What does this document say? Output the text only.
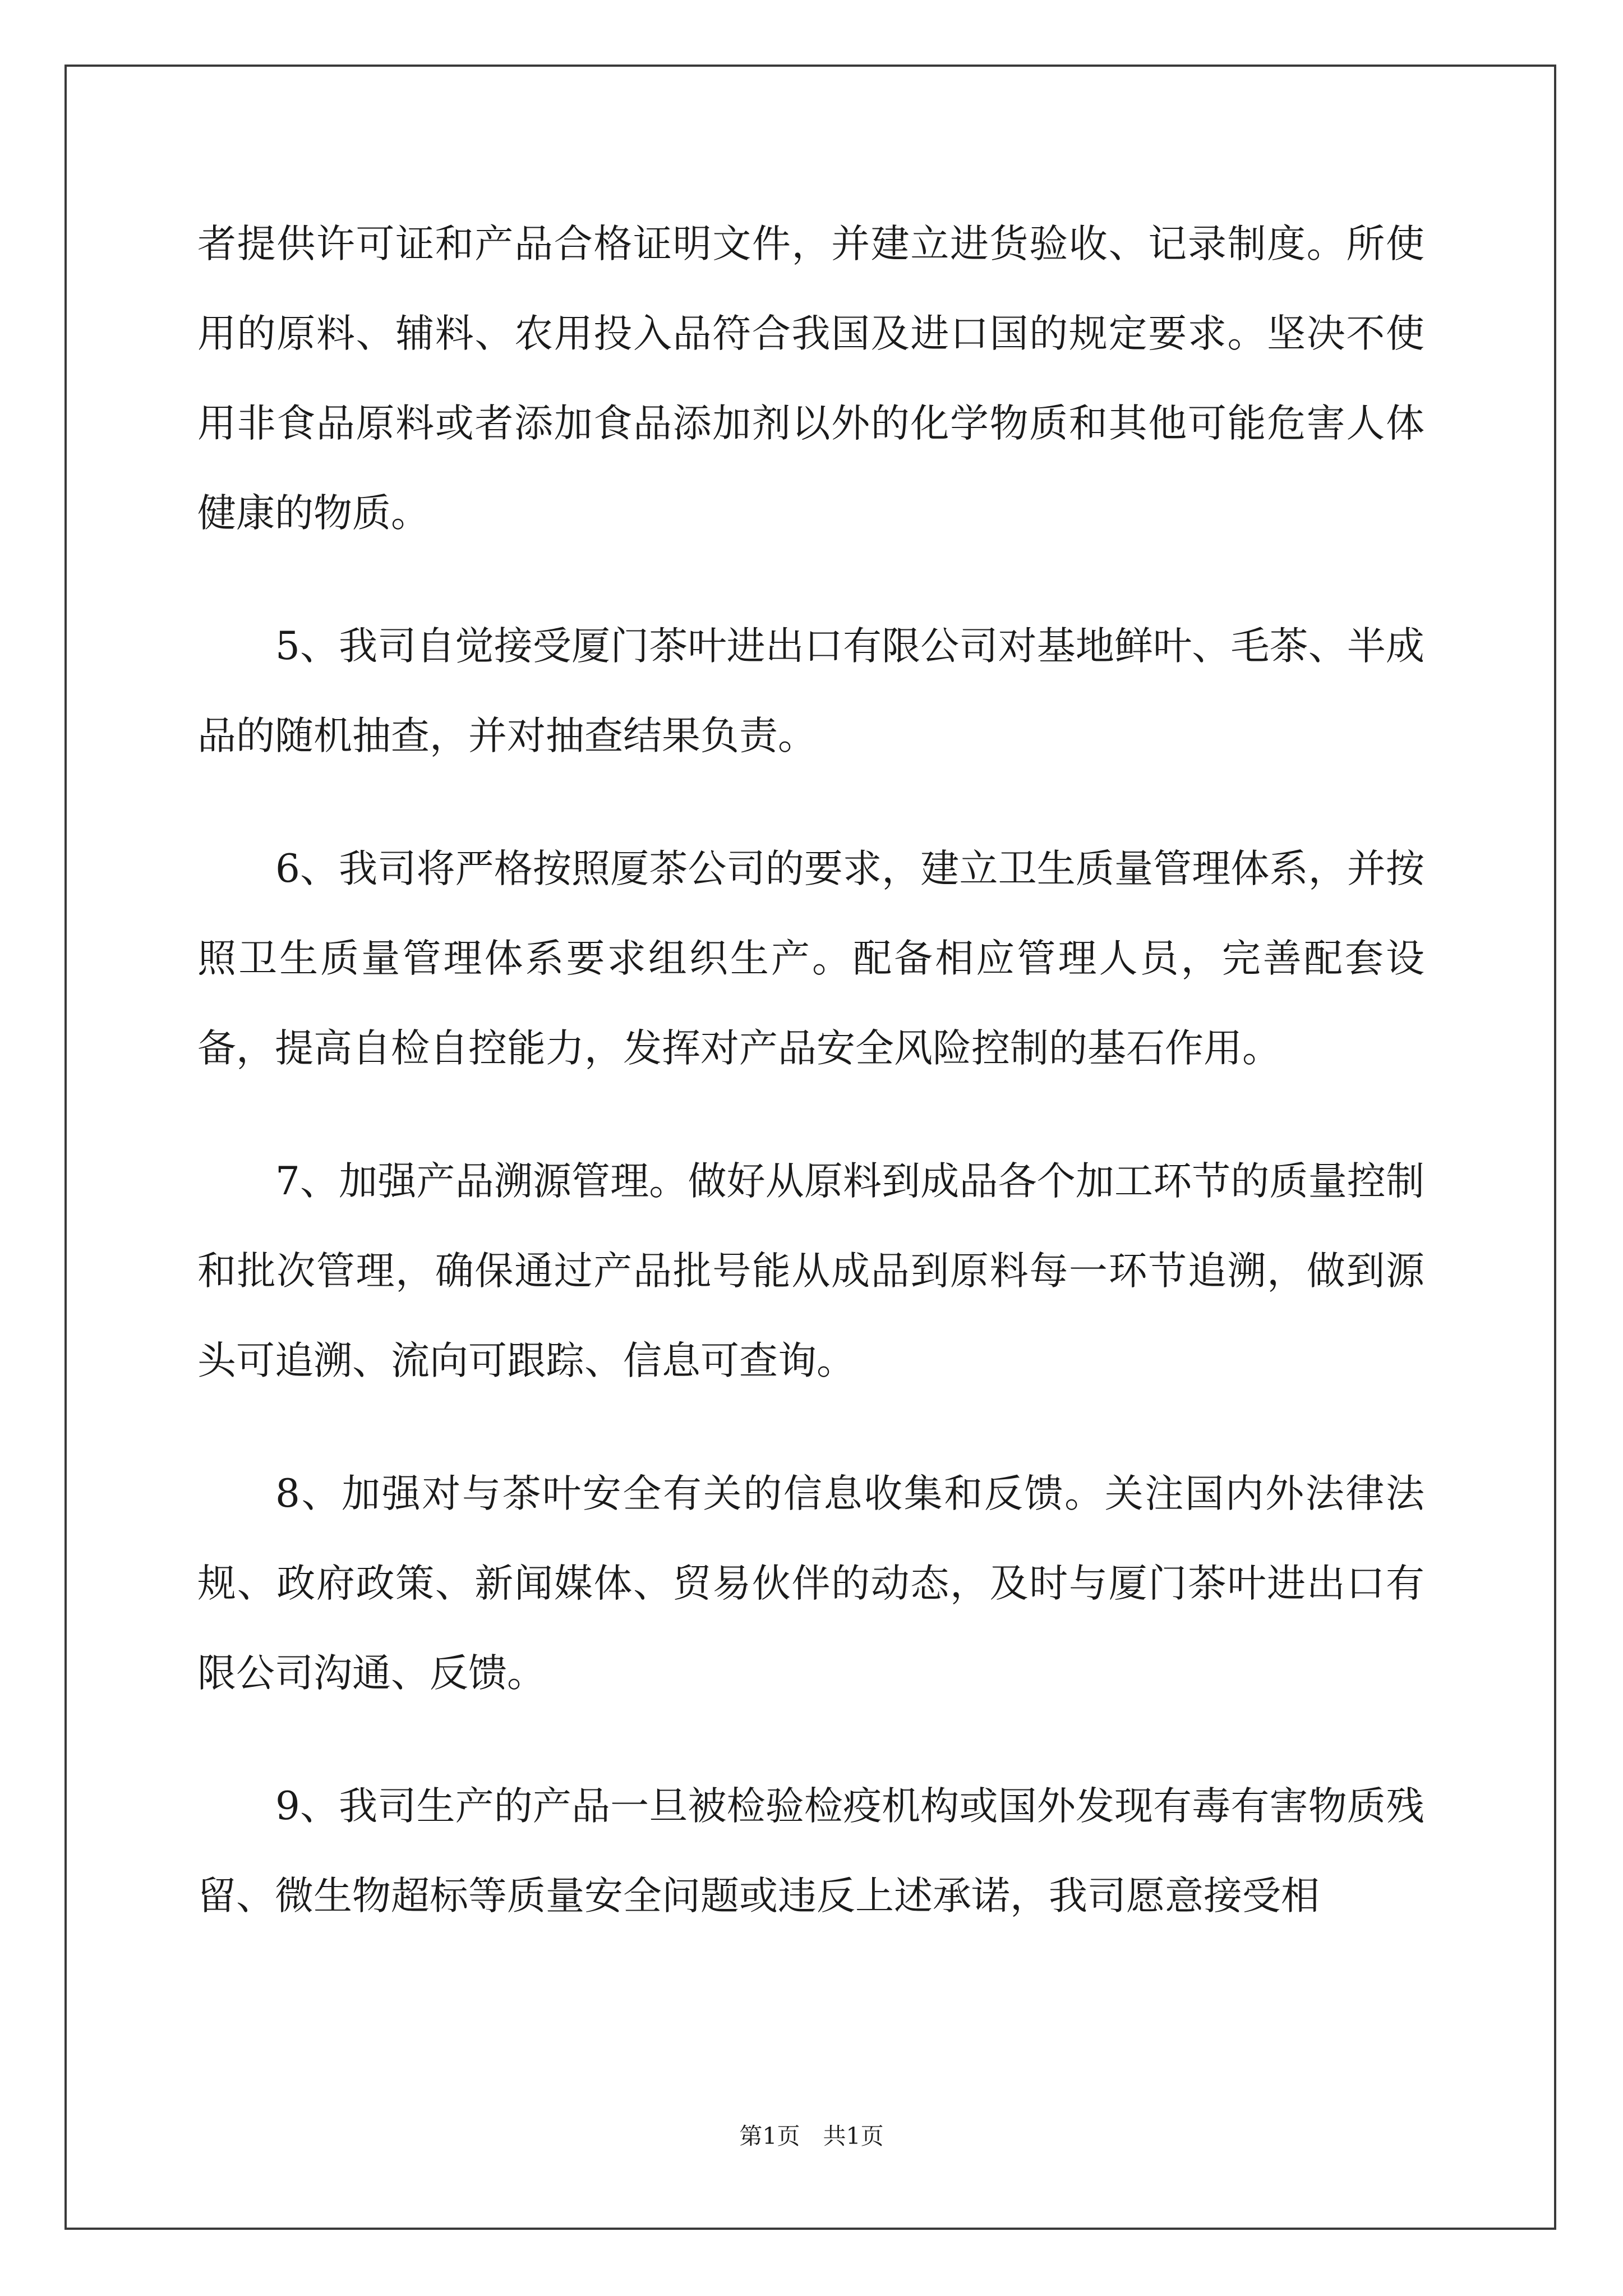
者提供许可证和产品合格证明文件，并建立进货验收、记录制度。所使用的原料、辅料、农用投入品符合我国及进口国的规定要求。坚决不使用非食品原料或者添加食品添加剂以外的化学物质和其他可能危害人体健康的物质。

5、我司自觉接受厦门茶叶进出口有限公司对基地鲜叶、毛茶、半成品的随机抽查，并对抽查结果负责。

6、我司将严格按照厦茶公司的要求，建立卫生质量管理体系，并按照卫生质量管理体系要求组织生产。配备相应管理人员，完善配套设备，提高自检自控能力，发挥对产品安全风险控制的基石作用。

7、加强产品溯源管理。做好从原料到成品各个加工环节的质量控制和批次管理，确保通过产品批号能从成品到原料每一环节追溯，做到源头可追溯、流向可跟踪、信息可查询。

8、加强对与茶叶安全有关的信息收集和反馈。关注国内外法律法规、政府政策、新闻媒体、贸易伙伴的动态，及时与厦门茶叶进出口有限公司沟通、反馈。

9、我司生产的产品一旦被检验检疫机构或国外发现有毒有害物质残留、微生物超标等质量安全问题或违反上述承诺，我司愿意接受相

第1页　共1页
